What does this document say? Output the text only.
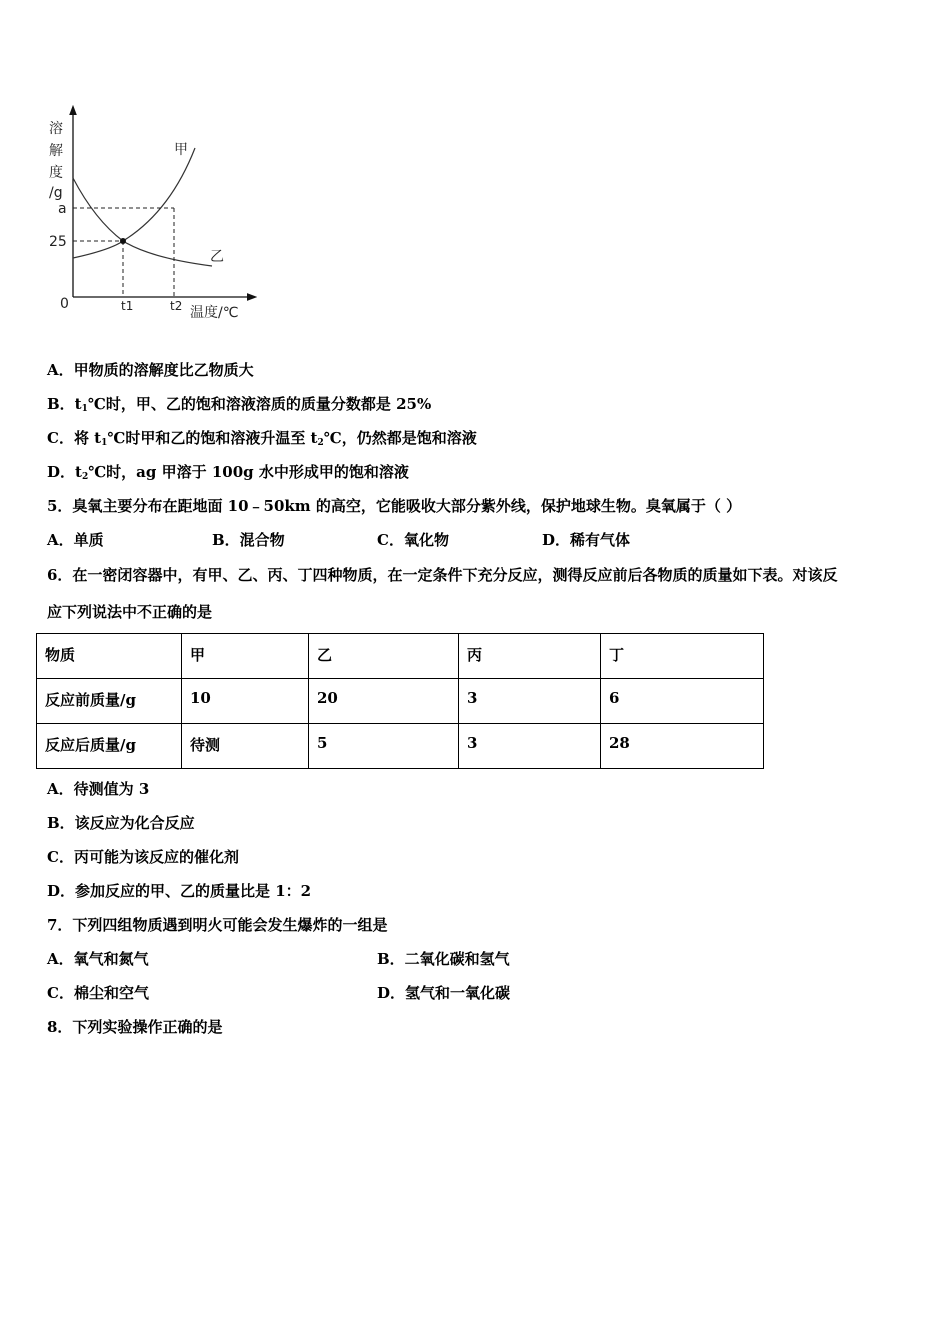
溶
解
度
/g
a
25
0	t1	t2 温度/℃
甲
乙
A．甲物质的溶解度比乙物质大
B．$t_1℃$时，甲、乙的饱和溶液溶质的质量分数都是 25%
C．将 $t_1℃$时甲和乙的饱和溶液升温至 $t_2℃$，仍然都是饱和溶液
D．$t_2℃$时，ag 甲溶于 100g 水中形成甲的饱和溶液
5．臭氧主要分布在距地面 10﹣50km 的高空，它能吸收大部分紫外线，保护地球生物。臭氧属于（ ）
A．单质	B．混合物	C．氧化物	D．稀有气体
6．在一密闭容器中，有甲、乙、丙、丁四种物质，在一定条件下充分反应，测得反应前后各物质的质量如下表。对该反
应下列说法中不正确的是
物质	甲	乙	丙	丁
反应前质量/g	10	20	3	6
反应后质量/g	待测	5	3	28
A．待测值为 3
B．该反应为化合反应
C．丙可能为该反应的催化剂
D．参加反应的甲、乙的质量比是 1：2
7．下列四组物质遇到明火可能会发生爆炸的一组是
A．氧气和氮气	B．二氧化碳和氢气
C．棉尘和空气	D．氢气和一氧化碳
8．下列实验操作正确的是
